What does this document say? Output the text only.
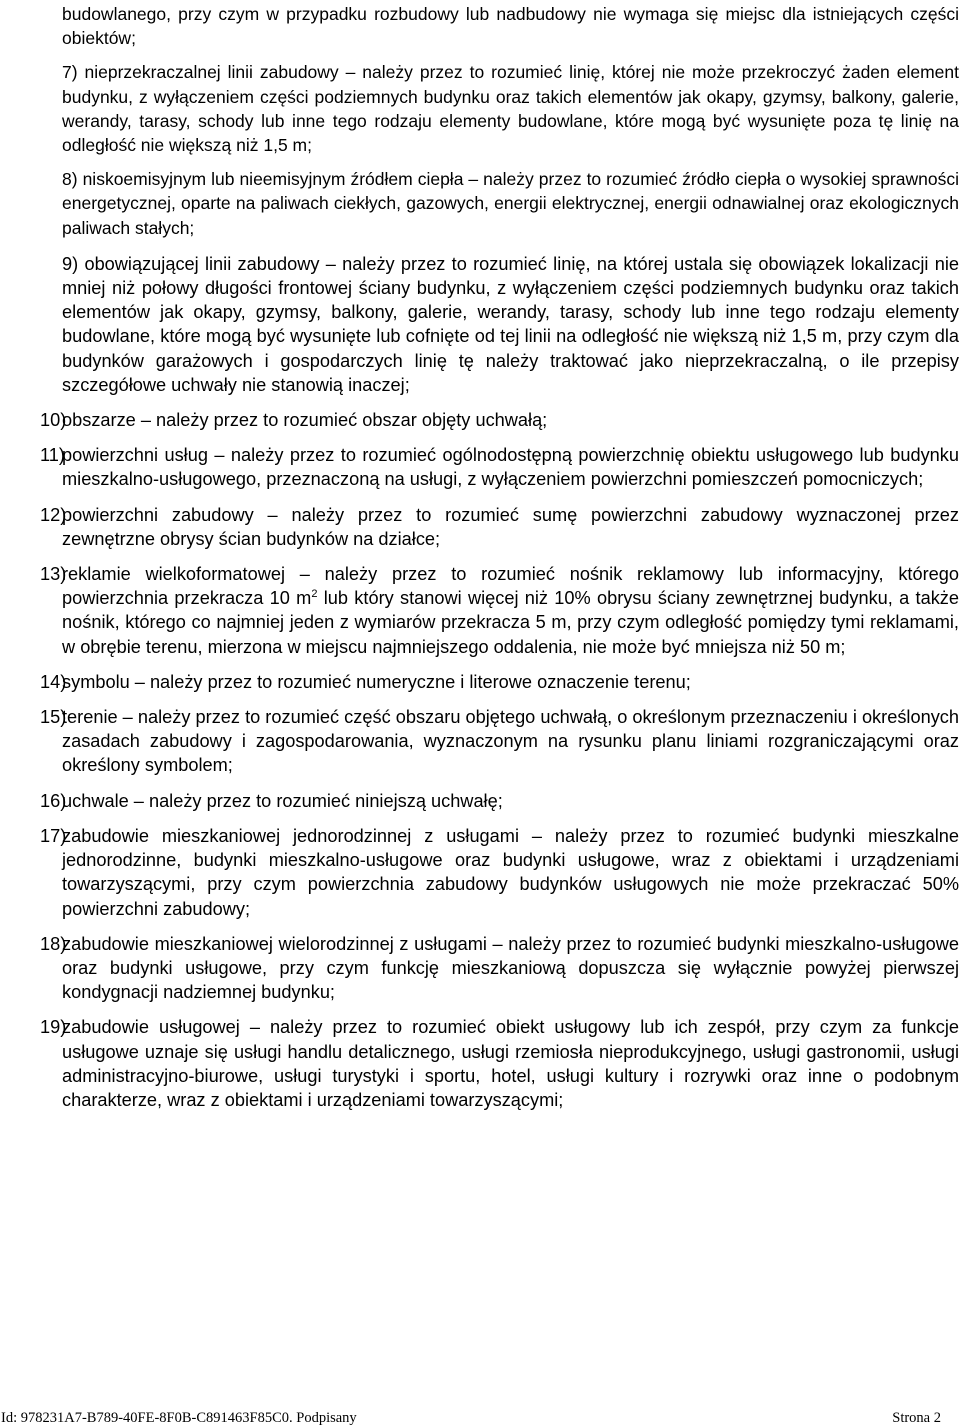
budowlanego, przy czym w przypadku rozbudowy lub nadbudowy nie wymaga się miejsc dla istniejących części obiektów;

7) nieprzekraczalnej linii zabudowy – należy przez to rozumieć linię, której nie może przekroczyć żaden element budynku, z wyłączeniem części podziemnych budynku oraz takich elementów jak okapy, gzymsy, balkony, galerie, werandy, tarasy, schody lub inne tego rodzaju elementy budowlane, które mogą być wysunięte poza tę linię na odległość nie większą niż 1,5 m;

8) niskoemisyjnym lub nieemisyjnym źródłem ciepła – należy przez to rozumieć źródło ciepła o wysokiej sprawności energetycznej, oparte na paliwach ciekłych, gazowych, energii elektrycznej, energii odnawialnej oraz ekologicznych paliwach stałych;

9) obowiązującej linii zabudowy – należy przez to rozumieć linię, na której ustala się obowiązek lokalizacji nie mniej niż połowy długości frontowej ściany budynku, z wyłączeniem części podziemnych budynku oraz takich elementów jak okapy, gzymsy, balkony, galerie, werandy, tarasy, schody lub inne tego rodzaju elementy budowlane, które mogą być wysunięte lub cofnięte od tej linii na odległość nie większą niż 1,5 m, przy czym dla budynków garażowych i gospodarczych linię tę należy traktować jako nieprzekraczalną, o ile przepisy szczegółowe uchwały nie stanowią inaczej;

10)
obszarze – należy przez to rozumieć obszar objęty uchwałą;

11)
powierzchni usług – należy przez to rozumieć ogólnodostępną powierzchnię obiektu usługowego lub budynku mieszkalno-usługowego, przeznaczoną na usługi, z wyłączeniem powierzchni pomieszczeń pomocniczych;

12)
powierzchni zabudowy – należy przez to rozumieć sumę powierzchni zabudowy wyznaczonej przez zewnętrzne obrysy ścian budynków na działce;

13)
reklamie wielkoformatowej – należy przez to rozumieć nośnik reklamowy lub informacyjny, którego powierzchnia przekracza 10 $m^2$ lub który stanowi więcej niż 10% obrysu ściany zewnętrznej budynku, a także nośnik, którego co najmniej jeden z wymiarów przekracza 5 m, przy czym odległość pomiędzy tymi reklamami, w obrębie terenu, mierzona w miejscu najmniejszego oddalenia, nie może być mniejsza niż 50 m;

14)
symbolu – należy przez to rozumieć numeryczne i literowe oznaczenie terenu;

15)
terenie – należy przez to rozumieć część obszaru objętego uchwałą, o określonym przeznaczeniu i określonych zasadach zabudowy i zagospodarowania, wyznaczonym na rysunku planu liniami rozgraniczającymi oraz określony symbolem;

16)
uchwale – należy przez to rozumieć niniejszą uchwałę;

17)
zabudowie mieszkaniowej jednorodzinnej z usługami – należy przez to rozumieć budynki mieszkalne jednorodzinne, budynki mieszkalno-usługowe oraz budynki usługowe, wraz z obiektami i urządzeniami towarzyszącymi, przy czym powierzchnia zabudowy budynków usługowych nie może przekraczać 50% powierzchni zabudowy;

18)
zabudowie mieszkaniowej wielorodzinnej z usługami – należy przez to rozumieć budynki mieszkalno-usługowe oraz budynki usługowe, przy czym funkcję mieszkaniową dopuszcza się wyłącznie powyżej pierwszej kondygnacji nadziemnej budynku;

19)
zabudowie usługowej – należy przez to rozumieć obiekt usługowy lub ich zespół, przy czym za funkcje usługowe uznaje się usługi handlu detalicznego, usługi rzemiosła nieprodukcyjnego, usługi gastronomii, usługi administracyjno-biurowe, usługi turystyki i sportu, hotel, usługi kultury i rozrywki oraz inne o podobnym charakterze, wraz z obiektami i urządzeniami towarzyszącymi;

Id: 978231A7-B789-40FE-8F0B-C891463F85C0. Podpisany	Strona 2
